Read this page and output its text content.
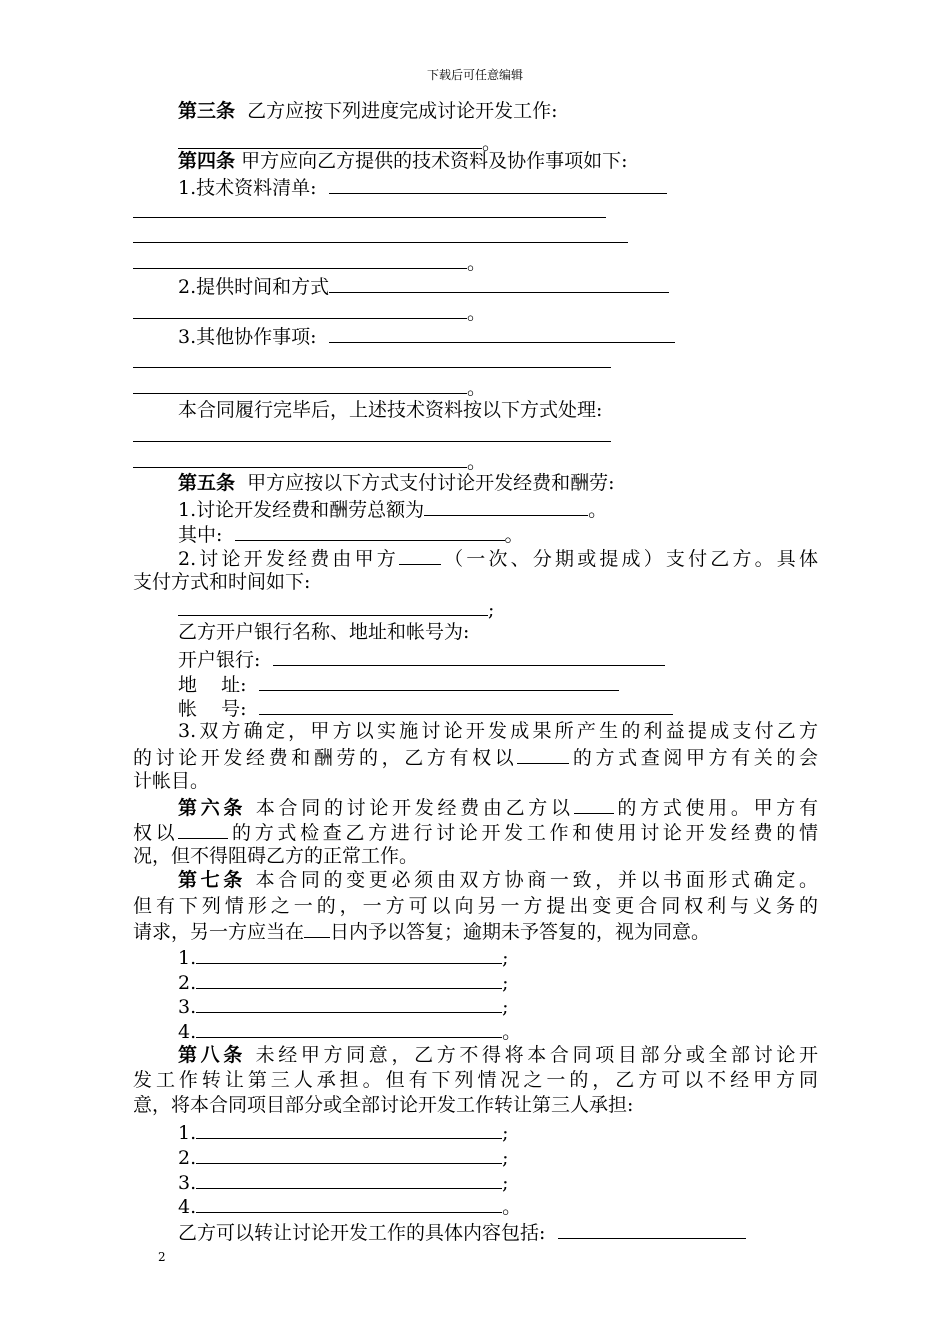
下载后可任意编辑
第三条 乙方应按下列进度完成讨论开发工作:
。
第四条 甲方应向乙方提供的技术资料及协作事项如下:
1.技术资料清单:
。
2.提供时间和方式
。
3.其他协作事项:
。
本合同履行完毕后，上述技术资料按以下方式处理:
。
第五条 甲方应按以下方式支付讨论开发经费和酬劳:
1.讨论开发经费和酬劳总额为	。
其中:	。
2.讨论开发经费由甲方 （一次、分期或提成）支付乙方。具体
支付方式和时间如下:
;
乙方开户银行名称、地址和帐号为:
开户银行:
地    址:
帐    号:
3.双方确定，甲方以实施讨论开发成果所产生的利益提成支付乙方
的讨论开发经费和酬劳的，乙方有权以	的方式查阅甲方有关的会
计帐目。
第六条 本合同的讨论开发经费由乙方以 的方式使用。甲方有
权以	的方式检查乙方进行讨论开发工作和使用讨论开发经费的情
况，但不得阻碍乙方的正常工作。
第七条 本合同的变更必须由双方协商一致，并以书面形式确定。
但有下列情形之一的，一方可以向另一方提出变更合同权利与义务的
请求，另一方应当在 日内予以答复；逾期未予答复的，视为同意。
1.	;
2.	;
3.	;
4.	。
第八条 未经甲方同意，乙方不得将本合同项目部分或全部讨论开
发工作转让第三人承担。但有下列情况之一的，乙方可以不经甲方同
意，将本合同项目部分或全部讨论开发工作转让第三人承担:
1.	;
2.	;
3.	;
4.	。
乙方可以转让讨论开发工作的具体内容包括:
2
